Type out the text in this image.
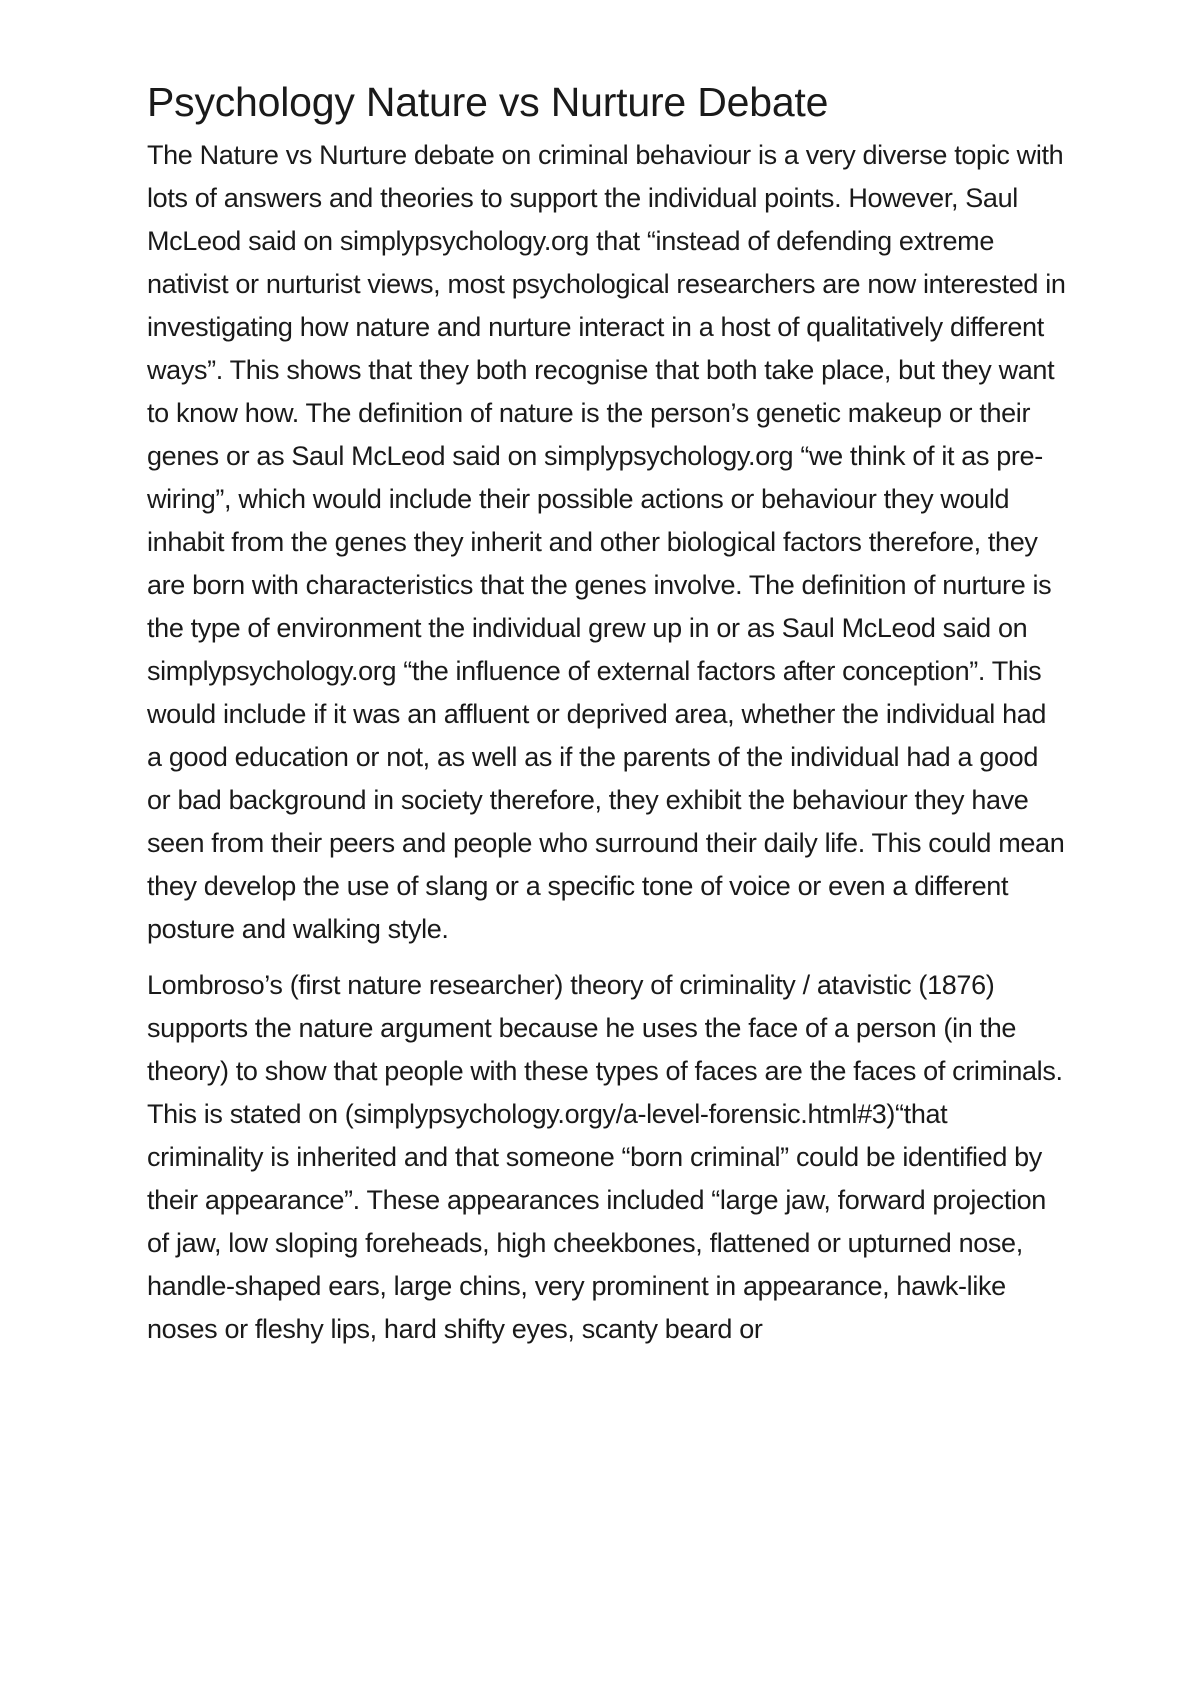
Psychology Nature vs Nurture Debate

The Nature vs Nurture debate on criminal behaviour is a very diverse topic with lots of answers and theories to support the individual points. However, Saul McLeod said on simplypsychology.org that “instead of defending extreme nativist or nurturist views, most psychological researchers are now interested in investigating how nature and nurture interact in a host of qualitatively different ways”. This shows that they both recognise that both take place, but they want to know how. The definition of nature is the person’s genetic makeup or their genes or as Saul McLeod said on simplypsychology.org “we think of it as pre-wiring”, which would include their possible actions or behaviour they would inhabit from the genes they inherit and other biological factors therefore, they are born with characteristics that the genes involve. The definition of nurture is the type of environment the individual grew up in or as Saul McLeod said on simplypsychology.org “the influence of external factors after conception”. This would include if it was an affluent or deprived area, whether the individual had a good education or not, as well as if the parents of the individual had a good or bad background in society therefore, they exhibit the behaviour they have seen from their peers and people who surround their daily life. This could mean they develop the use of slang or a specific tone of voice or even a different posture and walking style.

Lombroso’s (first nature researcher) theory of criminality / atavistic (1876) supports the nature argument because he uses the face of a person (in the theory) to show that people with these types of faces are the faces of criminals. This is stated on (simplypsychology.orgy/a-level-forensic.html#3)“that criminality is inherited and that someone “born criminal” could be identified by their appearance”. These appearances included “large jaw, forward projection of jaw, low sloping foreheads, high cheekbones, flattened or upturned nose, handle-shaped ears, large chins, very prominent in appearance, hawk-like noses or fleshy lips, hard shifty eyes, scanty beard or
